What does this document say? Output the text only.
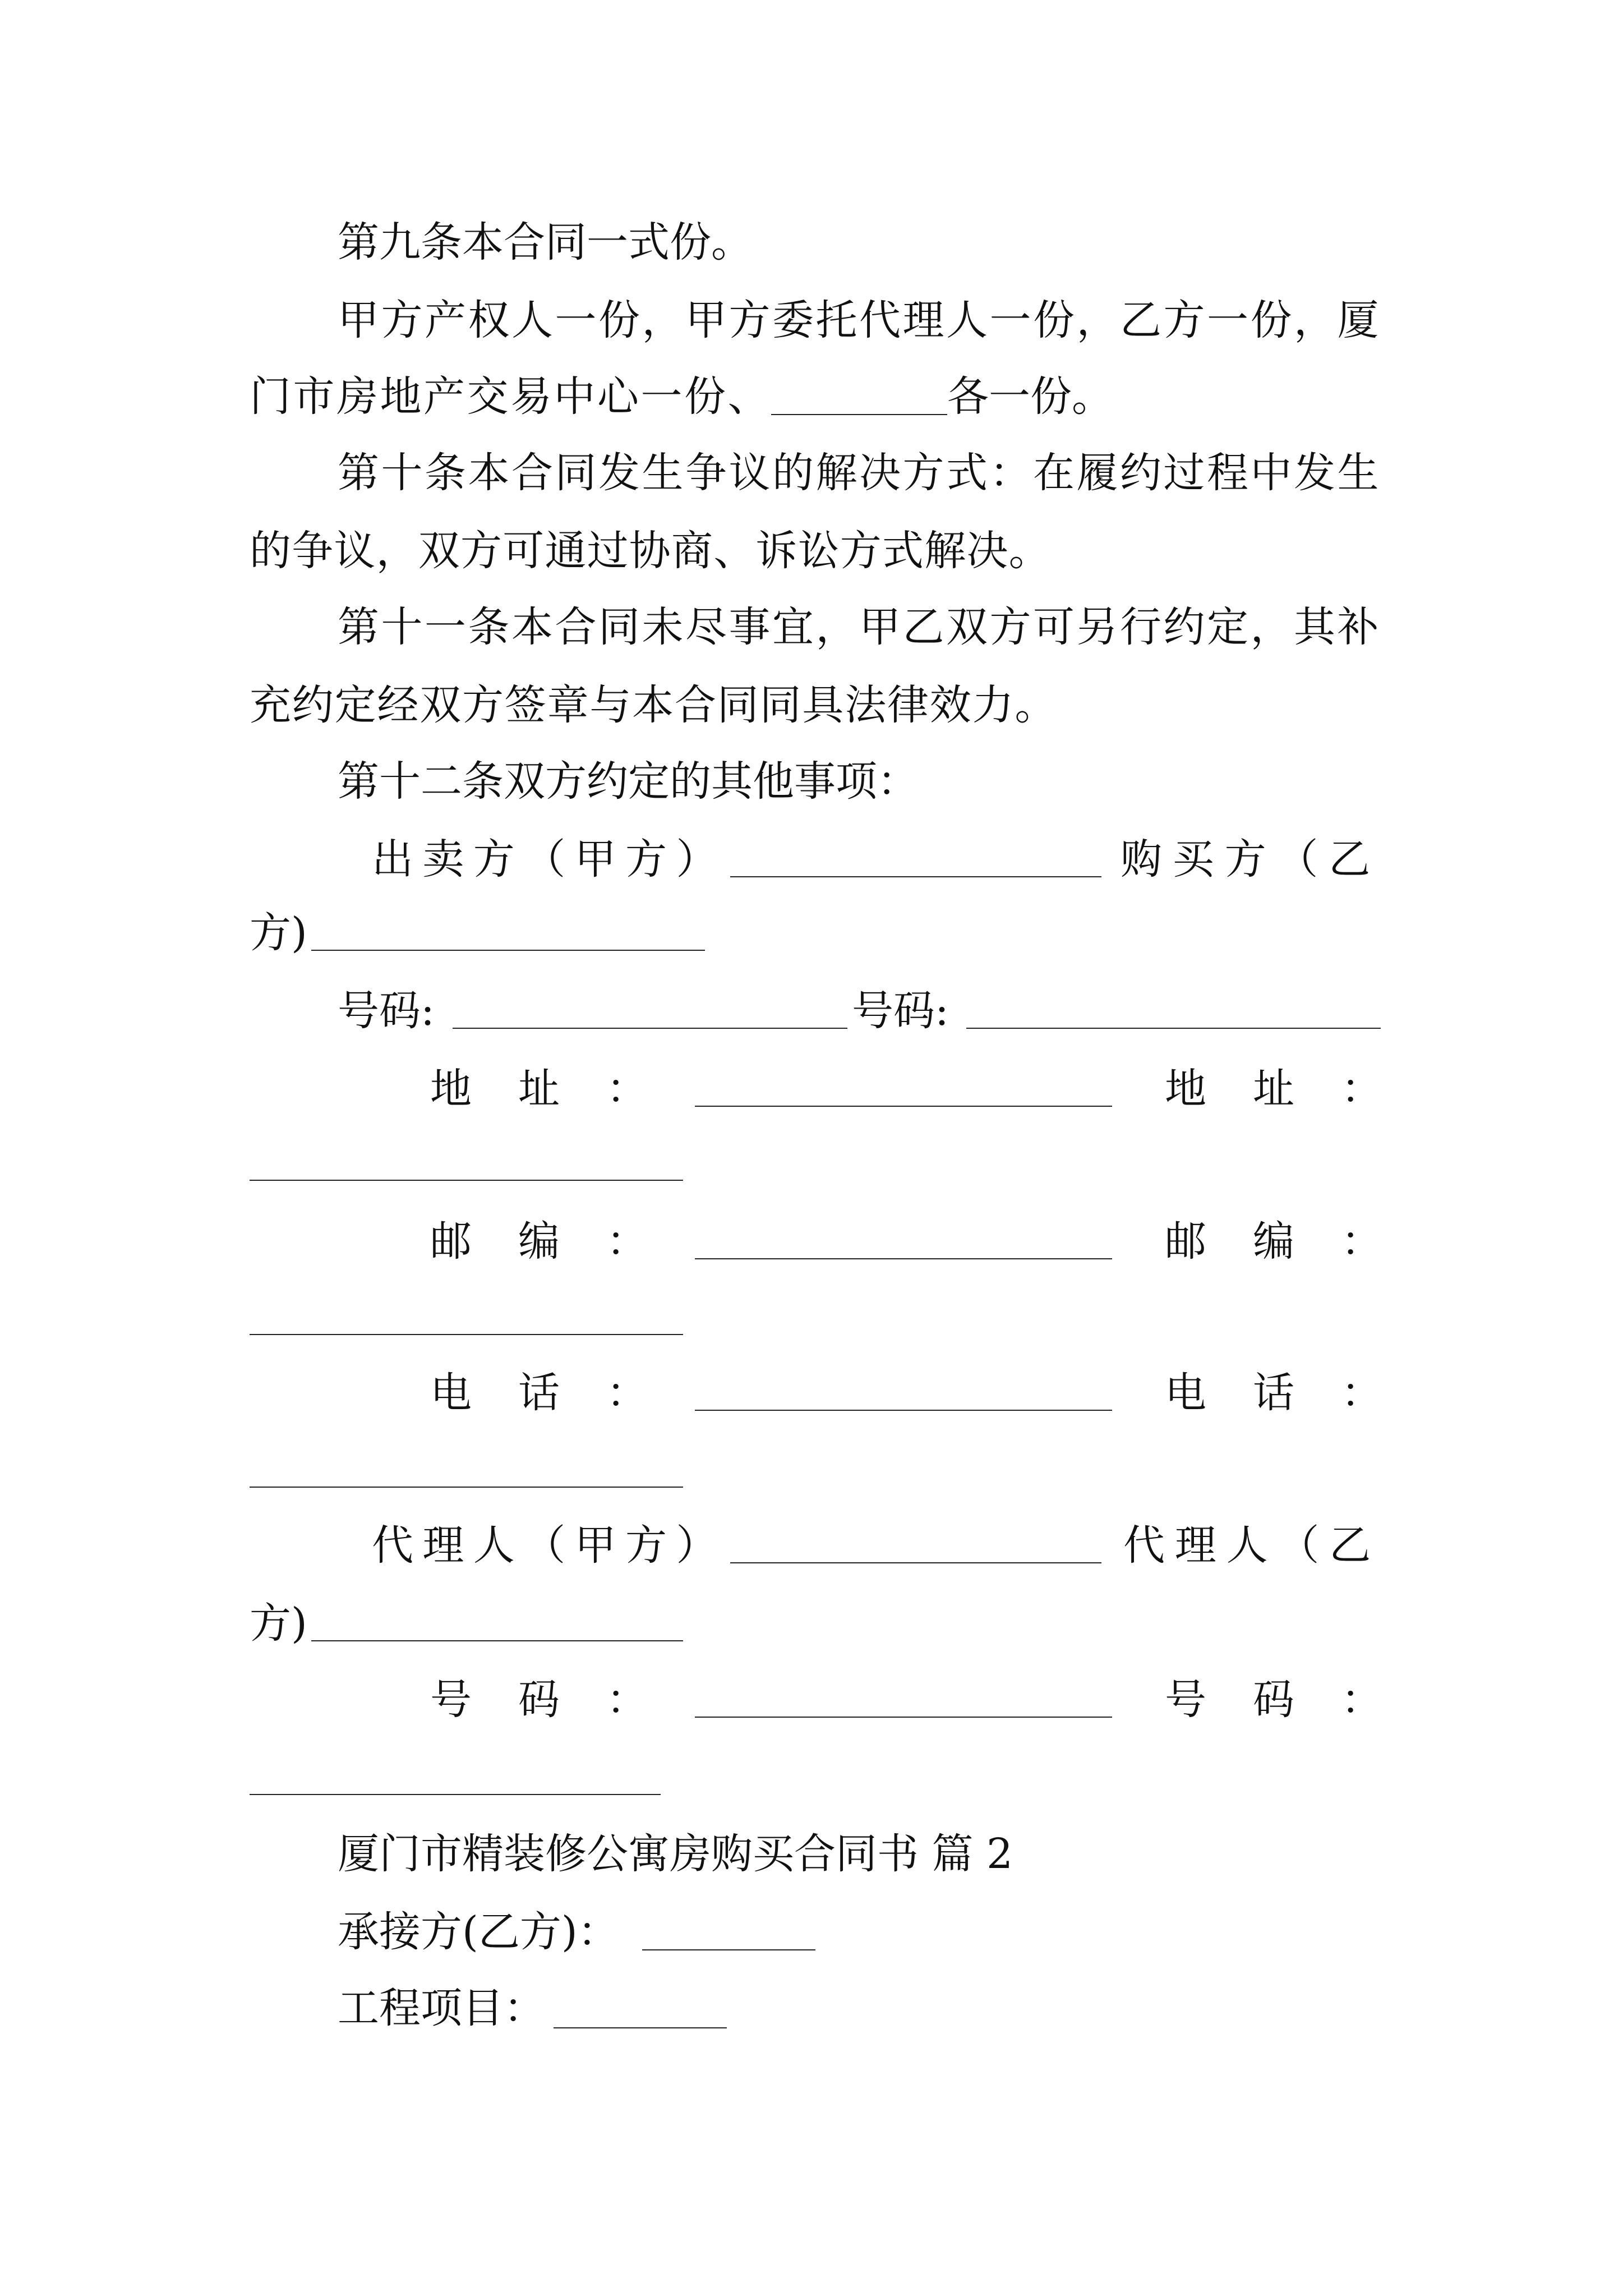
第九条本合同一式份。
甲方产权人一份，甲方委托代理人一份，乙方一份，厦
门市房地产交易中心一份、	各一份。
第十条本合同发生争议的解决方式：在履约过程中发生
的争议，双方可通过协商、诉讼方式解决。
第十一条本合同未尽事宜，甲乙双方可另行约定，其补
充约定经双方签章与本合同同具法律效力。
第十二条双方约定的其他事项：
出卖方（甲方）	购买方（乙
方)
号码:	号码:
地址：	地址：
邮编：	邮编：
电话：	电话：
代理人（甲方）	代理人（乙
方)
号码：	号码：
厦门市精装修公寓房购买合同书 篇 2
承接方(乙方)：
工程项目：
